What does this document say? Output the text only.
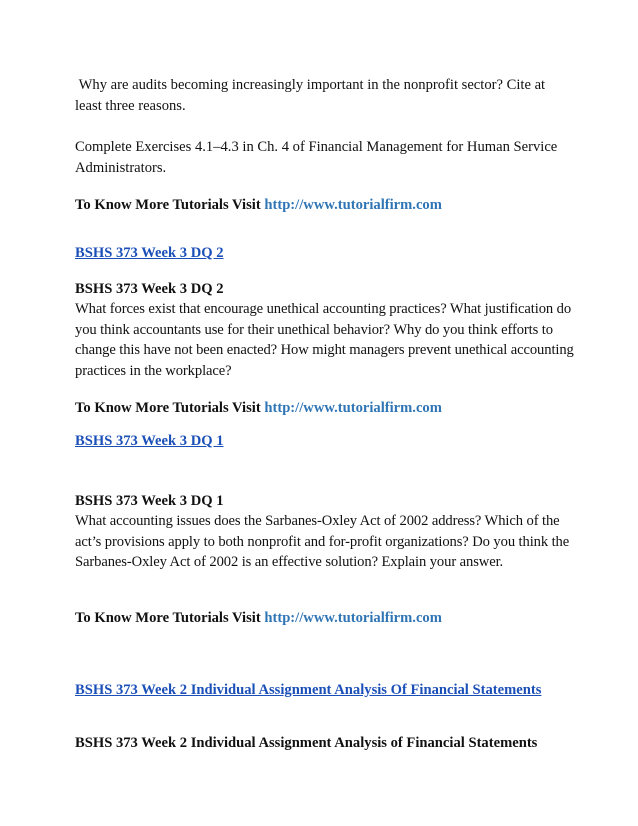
Why are audits becoming increasingly important in the nonprofit sector? Cite at least three reasons.

Complete Exercises 4.1–4.3 in Ch. 4 of Financial Management for Human Service Administrators.

To Know More Tutorials Visit http://www.tutorialfirm.com

BSHS 373 Week 3 DQ 2

BSHS 373 Week 3 DQ 2

What forces exist that encourage unethical accounting practices? What justification do you think accountants use for their unethical behavior? Why do you think efforts to change this have not been enacted? How might managers prevent unethical accounting practices in the workplace?

To Know More Tutorials Visit http://www.tutorialfirm.com

BSHS 373 Week 3 DQ 1

BSHS 373 Week 3 DQ 1

What accounting issues does the Sarbanes-Oxley Act of 2002 address? Which of the act’s provisions apply to both nonprofit and for-profit organizations? Do you think the Sarbanes-Oxley Act of 2002 is an effective solution? Explain your answer.

To Know More Tutorials Visit http://www.tutorialfirm.com

BSHS 373 Week 2 Individual Assignment Analysis Of Financial Statements

BSHS 373 Week 2 Individual Assignment Analysis of Financial Statements
